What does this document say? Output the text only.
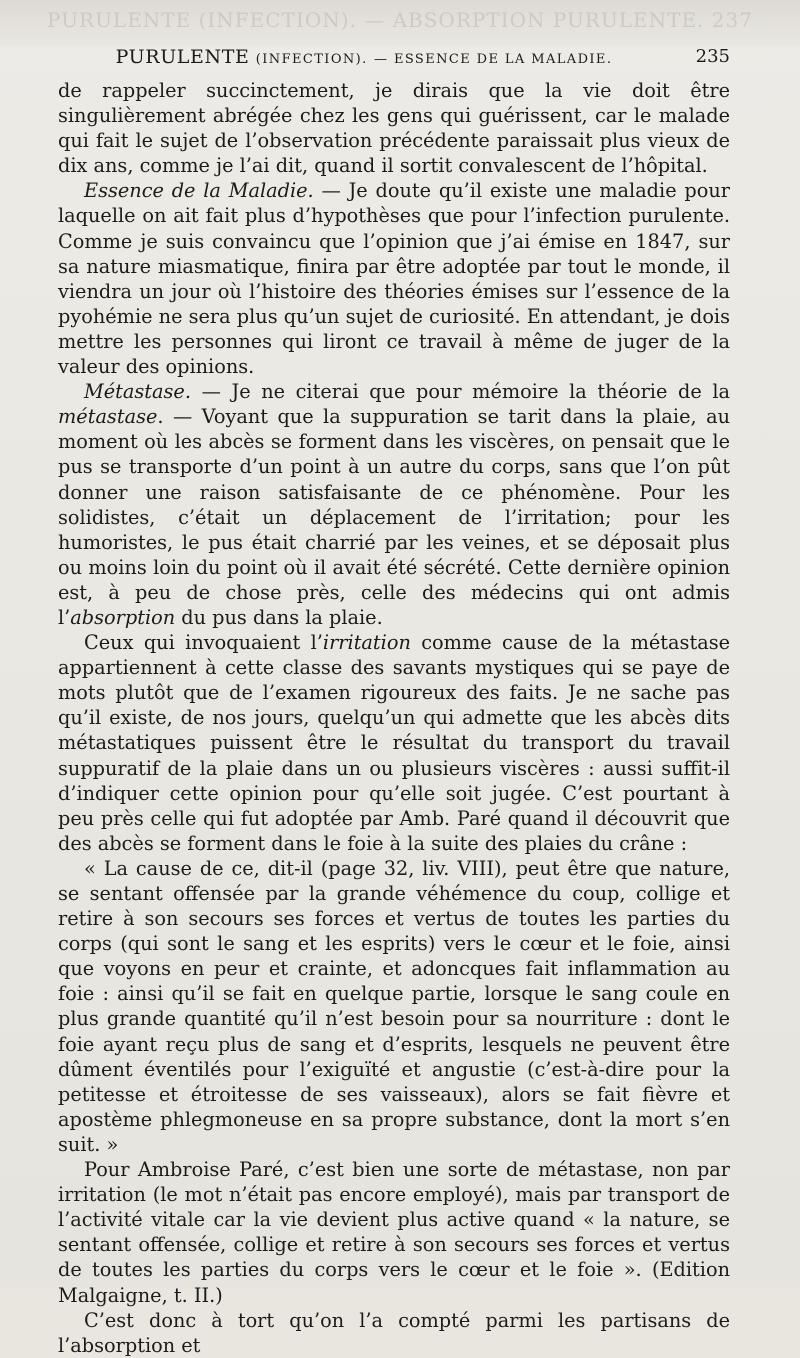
PURULENTE (INFECTION). — ABSORPTION PURULENTE. 237
PURULENTE (INFECTION). — ESSENCE DE LA MALADIE.	235

de rappeler succinctement, je dirais que la vie doit être singulièrement abrégée chez les gens qui guérissent, car le malade qui fait le sujet de l’observation précédente paraissait plus vieux de dix ans, comme je l’ai dit, quand il sortit convalescent de l’hôpital.

Essence de la Maladie. — Je doute qu’il existe une maladie pour laquelle on ait fait plus d’hypothèses que pour l’infection purulente. Comme je suis convaincu que l’opinion que j’ai émise en 1847, sur sa nature miasmatique, finira par être adoptée par tout le monde, il viendra un jour où l’histoire des théories émises sur l’essence de la pyohémie ne sera plus qu’un sujet de curiosité. En attendant, je dois mettre les personnes qui liront ce travail à même de juger de la valeur des opinions.

Métastase. — Je ne citerai que pour mémoire la théorie de la métastase. — Voyant que la suppuration se tarit dans la plaie, au moment où les abcès se forment dans les viscères, on pensait que le pus se transporte d’un point à un autre du corps, sans que l’on pût donner une raison satisfaisante de ce phénomène. Pour les solidistes, c’était un déplacement de l’irritation; pour les humoristes, le pus était charrié par les veines, et se déposait plus ou moins loin du point où il avait été sécrété. Cette dernière opinion est, à peu de chose près, celle des médecins qui ont admis l’absorption du pus dans la plaie.

Ceux qui invoquaient l’irritation comme cause de la métastase appartiennent à cette classe des savants mystiques qui se paye de mots plutôt que de l’examen rigoureux des faits. Je ne sache pas qu’il existe, de nos jours, quelqu’un qui admette que les abcès dits métastatiques puissent être le résultat du transport du travail suppuratif de la plaie dans un ou plusieurs viscères : aussi suffit-il d’indiquer cette opinion pour qu’elle soit jugée. C’est pourtant à peu près celle qui fut adoptée par Amb. Paré quand il découvrit que des abcès se forment dans le foie à la suite des plaies du crâne :

« La cause de ce, dit-il (page 32, liv. VIII), peut être que nature, se sentant offensée par la grande véhémence du coup, collige et retire à son secours ses forces et vertus de toutes les parties du corps (qui sont le sang et les esprits) vers le cœur et le foie, ainsi que voyons en peur et crainte, et adoncques fait inflammation au foie : ainsi qu’il se fait en quelque partie, lorsque le sang coule en plus grande quantité qu’il n’est besoin pour sa nourriture : dont le foie ayant reçu plus de sang et d’esprits, lesquels ne peuvent être dûment éventilés pour l’exiguïté et angustie (c’est-à-dire pour la petitesse et étroitesse de ses vaisseaux), alors se fait fièvre et apostème phlegmoneuse en sa propre substance, dont la mort s’en suit. »

Pour Ambroise Paré, c’est bien une sorte de métastase, non par irritation (le mot n’était pas encore employé), mais par transport de l’activité vitale car la vie devient plus active quand « la nature, se sentant offensée, collige et retire à son secours ses forces et vertus de toutes les parties du corps vers le cœur et le foie ». (Edition Malgaigne, t. II.)

C’est donc à tort qu’on l’a compté parmi les partisans de l’absorption et
